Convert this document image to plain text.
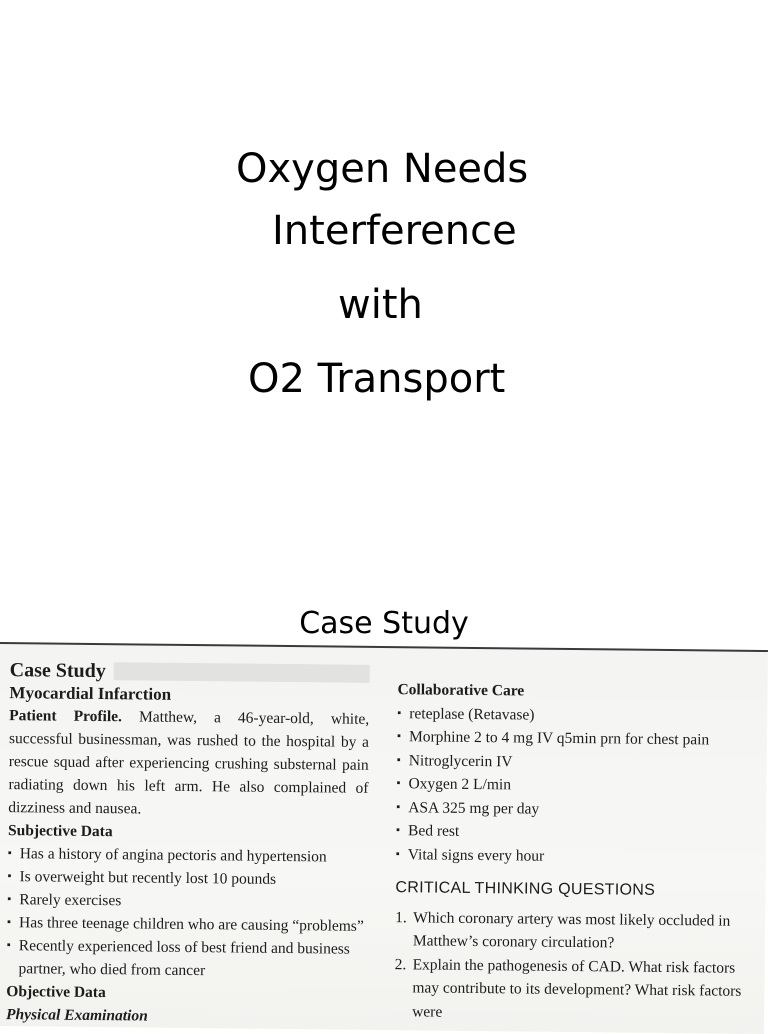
Oxygen Needs
Interference
with
O2 Transport
Case Study
Case Study
Myocardial Infarction
Patient Profile. Matthew, a 46-year-old, white, successful businessman, was rushed to the hospital by a rescue squad after experiencing crushing substernal pain radiating down his left arm. He also complained of dizziness and nausea.
Subjective Data
▪ Has a history of angina pectoris and hypertension
▪ Is overweight but recently lost 10 pounds
▪ Rarely exercises
▪ Has three teenage children who are causing “problems”
▪ Recently experienced loss of best friend and business
partner, who died from cancer
Objective Data
Physical Examination
Collaborative Care
▪ reteplase (Retavase)
▪ Morphine 2 to 4 mg IV q5min prn for chest pain
▪ Nitroglycerin IV
▪ Oxygen 2 L/min
▪ ASA 325 mg per day
▪ Bed rest
▪ Vital signs every hour
CRITICAL THINKING QUESTIONS
1. Which coronary artery was most likely occluded in Matthew’s coronary circulation?
2. Explain the pathogenesis of CAD. What risk factors may contribute to its development? What risk factors were
